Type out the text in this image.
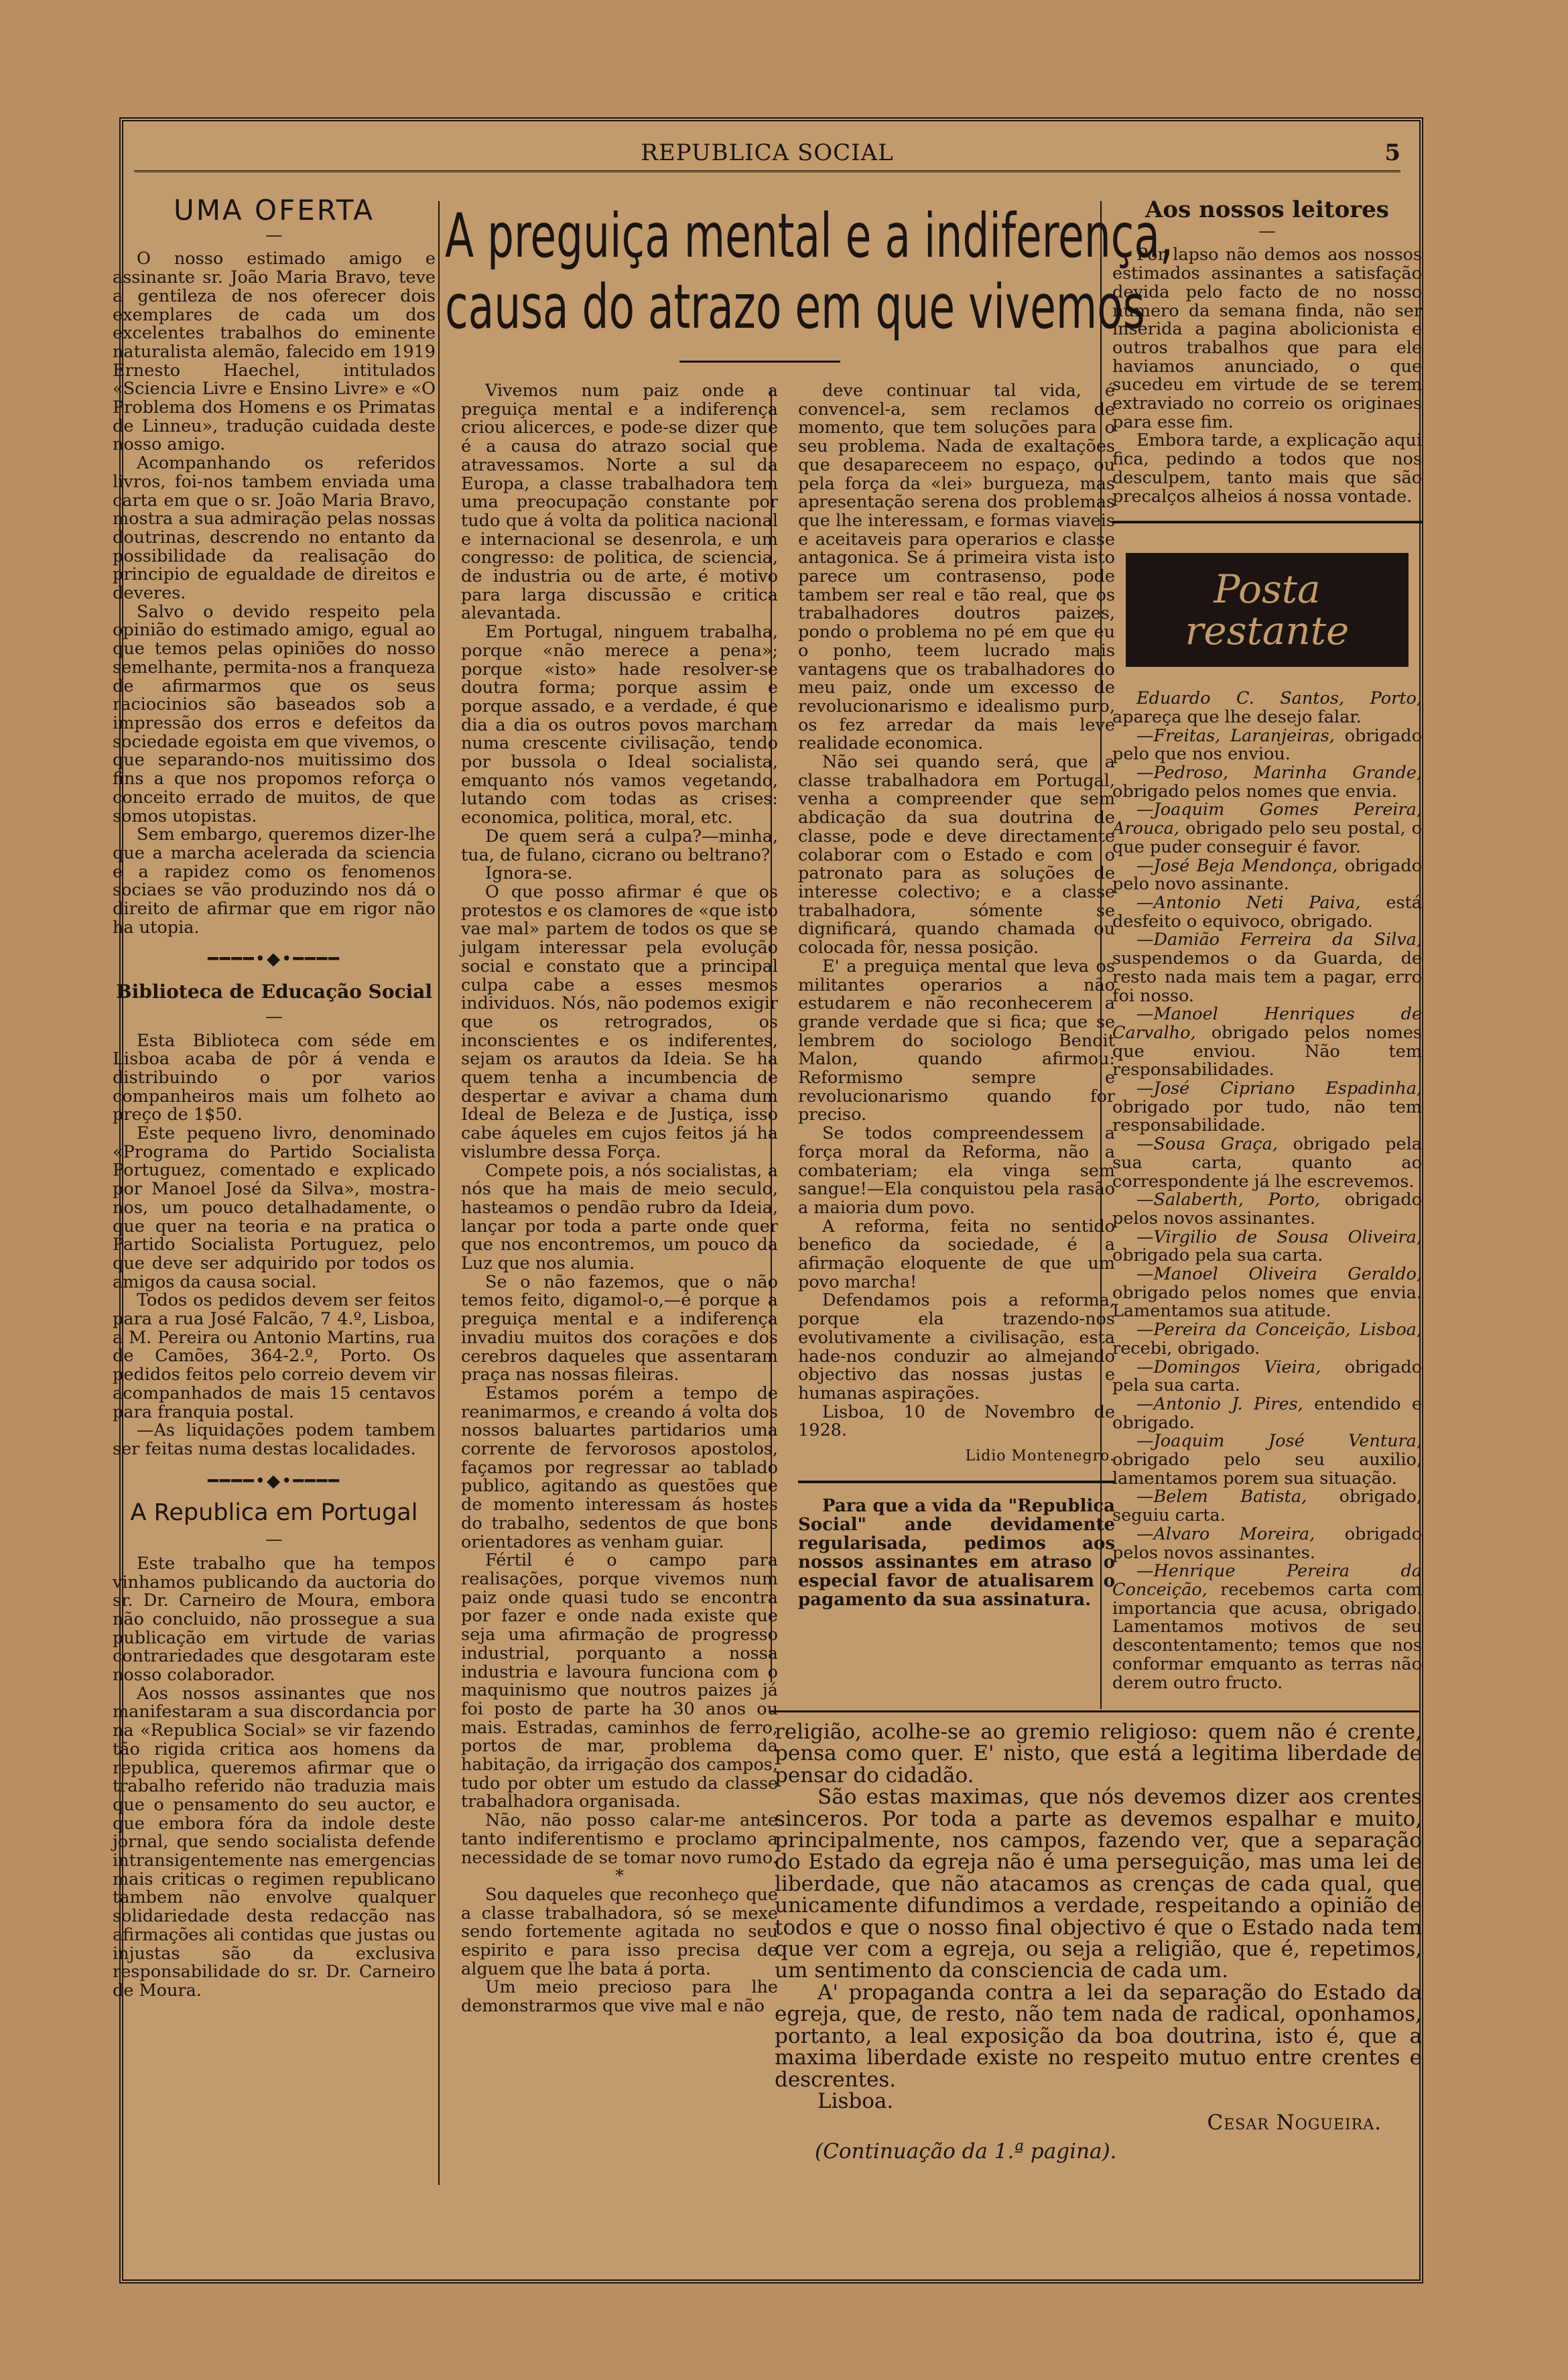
REPUBLICA SOCIAL	5
UMA OFERTA
—

O nosso estimado amigo e assinante sr. João Maria Bravo, teve a gentileza de nos oferecer dois exemplares de cada um dos excelentes trabalhos do eminente naturalista alemão, falecido em 1919 Ernesto Haechel, intitulados «Sciencia Livre e Ensino Livre» e «O Problema dos Homens e os Primatas de Linneu», tradução cuidada deste nosso amigo.

Acompanhando os referidos livros, foi-nos tambem enviada uma carta em que o sr. João Maria Bravo, mostra a sua admiração pelas nossas doutrinas, descrendo no entanto da possibilidade da realisação do principio de egualdade de direitos e deveres.

Salvo o devido respeito pela opinião do estimado amigo, egual ao que temos pelas opiniões do nosso semelhante, permita-nos a franqueza de afirmarmos que os seus raciocinios são baseados sob a impressão dos erros e defeitos da sociedade egoista em que vivemos, o que separando-nos muitissimo dos fins a que nos propomos reforça o conceito errado de muitos, de que somos utopistas.

Sem embargo, queremos dizer-lhe que a marcha acelerada da sciencia e a rapidez como os fenomenos sociaes se vão produzindo nos dá o direito de afirmar que em rigor não ha utopia.

━━━━•◆•━━━━
Biblioteca de Educação Social
—

Esta Biblioteca com séde em Lisboa acaba de pôr á venda e distribuindo o por varios companheiros mais um folheto ao preço de 1$50.

Este pequeno livro, denominado «Programa do Partido Socialista Portuguez, comentado e explicado por Manoel José da Silva», mostra-nos, um pouco detalhadamente, o que quer na teoria e na pratica o Partido Socialista Portuguez, pelo que deve ser adquirido por todos os amigos da causa social.

Todos os pedidos devem ser feitos para a rua José Falcão, 7 4.º, Lisboa, a M. Pereira ou Antonio Martins, rua de Camões, 364-2.º, Porto. Os pedidos feitos pelo correio devem vir acompanhados de mais 15 centavos para franquia postal.

—As liquidações podem tambem ser feitas numa destas localidades.

━━━━•◆•━━━━
A Republica em Portugal
—

Este trabalho que ha tempos vinhamos publicando da auctoria do sr. Dr. Carneiro de Moura, embora não concluido, não prossegue a sua publicação em virtude de varias contrariedades que desgotaram este nosso colaborador.

Aos nossos assinantes que nos manifestaram a sua discordancia por na «Republica Social» se vir fazendo tão rigida critica aos homens da republica, queremos afirmar que o trabalho referido não traduzia mais que o pensamento do seu auctor, e que embora fóra da indole deste jornal, que sendo socialista defende intransigentemente nas emergencias mais criticas o regimen republicano tambem não envolve qualquer solidariedade desta redacção nas afirmações ali contidas que justas ou injustas são da exclusiva responsabilidade do sr. Dr. Carneiro de Moura.

A preguiça mental e a indiferença,
causa do atrazo em que vivemos

Vivemos num paiz onde a preguiça mental e a indiferença criou alicerces, e pode-se dizer que é a causa do atrazo social que atravessamos. Norte a sul da Europa, a classe trabalhadora tem uma preocupação constante por tudo que á volta da politica nacional e internacional se desenrola, e um congresso: de politica, de sciencia, de industria ou de arte, é motivo para larga discussão e critica alevantada.

Em Portugal, ninguem trabalha, porque «não merece a pena»; porque «isto» hade resolver-se doutra forma; porque assim e porque assado, e a verdade, é que dia a dia os outros povos marcham numa crescente civilisação, tendo por bussola o Ideal socialista, emquanto nós vamos vegetando, lutando com todas as crises: economica, politica, moral, etc.

De quem será a culpa?—minha, tua, de fulano, cicrano ou beltrano?

Ignora-se.

O que posso afirmar é que os protestos e os clamores de «que isto vae mal» partem de todos os que se julgam interessar pela evolução social e constato que a principal culpa cabe a esses mesmos individuos. Nós, não podemos exigir que os retrogrados, os inconscientes e os indiferentes, sejam os arautos da Ideia. Se ha quem tenha a incumbencia de despertar e avivar a chama dum Ideal de Beleza e de Justiça, isso cabe áqueles em cujos feitos já ha vislumbre dessa Força.

Compete pois, a nós socialistas, a nós que ha mais de meio seculo, hasteamos o pendão rubro da Ideia, lançar por toda a parte onde quer que nos encontremos, um pouco da Luz que nos alumia.

Se o não fazemos, que o não temos feito, digamol-o,—é porque a preguiça mental e a indiferença invadiu muitos dos corações e dos cerebros daqueles que assentaram praça nas nossas fileiras.

Estamos porém a tempo de reanimarmos, e creando á volta dos nossos baluartes partidarios uma corrente de fervorosos apostolos, façamos por regressar ao tablado publico, agitando as questões que de momento interessam ás hostes do trabalho, sedentos de que bons orientadores as venham guiar.

Fértil é o campo para realisações, porque vivemos num paiz onde quasi tudo se encontra por fazer e onde nada existe que seja uma afirmação de progresso industrial, porquanto a nossa industria e lavoura funciona com o maquinismo que noutros paizes já foi posto de parte ha 30 anos ou mais. Estradas, caminhos de ferro, portos de mar, problema da habitação, da irrigação dos campos, tudo por obter um estudo da classe trabalhadora organisada.

Não, não posso calar-me ante tanto indiferentismo e proclamo a necessidade de se tomar novo rumo.

*

Sou daqueles que reconheço que a classe trabalhadora, só se mexe sendo fortemente agitada no seu espirito e para isso precisa de alguem que lhe bata á porta.

Um meio precioso para lhe demonstrarmos que vive mal e não

deve continuar tal vida, é convencel-a, sem reclamos de momento, que tem soluções para o seu problema. Nada de exaltações que desapareceem no espaço, ou pela força da «lei» burgueza, mas apresentação serena dos problemas que lhe interessam, e formas viaveis e aceitaveis para operarios e classe antagonica. Se á primeira vista isto parece um contrasenso, pode tambem ser real e tão real, que os trabalhadores doutros paizes, pondo o problema no pé em que eu o ponho, teem lucrado mais vantagens que os trabalhadores do meu paiz, onde um excesso de revolucionarismo e idealismo puro, os fez arredar da mais leve realidade economica.

Não sei quando será, que a classe trabalhadora em Portugal, venha a compreender que sem abdicação da sua doutrina de classe, pode e deve directamente colaborar com o Estado e com o patronato para as soluções de interesse colectivo; e a classe trabalhadora, sómente se dignificará, quando chamada ou colocada fôr, nessa posição.

E' a preguiça mental que leva os militantes operarios a não estudarem e não reconhecerem a grande verdade que si fica; que se lembrem do sociologo Benoit Malon, quando afirmou: Reformismo sempre e revolucionarismo quando for preciso.

Se todos compreendessem a força moral da Reforma, não a combateriam; ela vinga sem sangue!—Ela conquistou pela rasão a maioria dum povo.

A reforma, feita no sentido benefico da sociedade, é a afirmação eloquente de que um povo marcha!

Defendamos pois a reforma, porque ela trazendo-nos evolutivamente a civilisação, esta hade-nos conduzir ao almejando objectivo das nossas justas e humanas aspirações.

Lisboa, 10 de Novembro de 1928.

Lidio Montenegro.

Para que a vida da "Republica Social" ande devidamente regularisada, pedimos aos nossos assinantes em atraso o especial favor de atualisarem o pagamento da sua assinatura.

Aos nossos leitores
—

Por lapso não demos aos nossos estimados assinantes a satisfação devida pelo facto de no nosso numero da semana finda, não ser inserida a pagina abolicionista e outros trabalhos que para ele haviamos anunciado, o que sucedeu em virtude de se terem extraviado no correio os originaes para esse fim.

Embora tarde, a explicação aqui fica, pedindo a todos que nos desculpem, tanto mais que são precalços alheios á nossa vontade.

Posta
restante

Eduardo C. Santos, Porto, apareça que lhe desejo falar.

—Freitas, Laranjeiras, obrigado pelo que nos enviou.

—Pedroso, Marinha Grande, obrigado pelos nomes que envia.

—Joaquim Gomes Pereira, Arouca, obrigado pelo seu postal, o que puder conseguir é favor.

—José Beja Mendonça, obrigado pelo novo assinante.

—Antonio Neti Paiva, está desfeito o equivoco, obrigado.

—Damião Ferreira da Silva, suspendemos o da Guarda, de resto nada mais tem a pagar, erro foi nosso.

—Manoel Henriques de Carvalho, obrigado pelos nomes que enviou. Não tem responsabilidades.

—José Cipriano Espadinha, obrigado por tudo, não tem responsabilidade.

—Sousa Graça, obrigado pela sua carta, quanto ao correspondente já lhe escrevemos.

—Salaberth, Porto, obrigado pelos novos assinantes.

—Virgilio de Sousa Oliveira, obrigado pela sua carta.

—Manoel Oliveira Geraldo, obrigado pelos nomes que envia. Lamentamos sua atitude.

—Pereira da Conceição, Lisboa, recebi, obrigado.

—Domingos Vieira, obrigado pela sua carta.

—Antonio J. Pires, entendido e obrigado.

—Joaquim José Ventura, obrigado pelo seu auxilio, lamentamos porem sua situação.

—Belem Batista, obrigado, seguiu carta.

—Alvaro Moreira, obrigado pelos novos assinantes.

—Henrique Pereira da Conceição, recebemos carta com importancia que acusa, obrigado. Lamentamos motivos de seu descontentamento; temos que nos conformar emquanto as terras não derem outro fructo.

religião, acolhe-se ao gremio religioso: quem não é crente, pensa como quer. E' nisto, que está a legitima liberdade de pensar do cidadão.

São estas maximas, que nós devemos dizer aos crentes sinceros. Por toda a parte as devemos espalhar e muito, principalmente, nos campos, fazendo ver, que a separação do Estado da egreja não é uma perseguição, mas uma lei de liberdade, que não atacamos as crenças de cada qual, que unicamente difundimos a verdade, respeitando a opinião de todos e que o nosso final objectivo é que o Estado nada tem que ver com a egreja, ou seja a religião, que é, repetimos, um sentimento da consciencia de cada um.

A' propaganda contra a lei da separação do Estado da egreja, que, de resto, não tem nada de radical, oponhamos, portanto, a leal exposição da boa doutrina, isto é, que a maxima liberdade existe no respeito mutuo entre crentes e descrentes.

Lisboa.

Cesar Nogueira.
(Continuação da 1.ª pagina).
